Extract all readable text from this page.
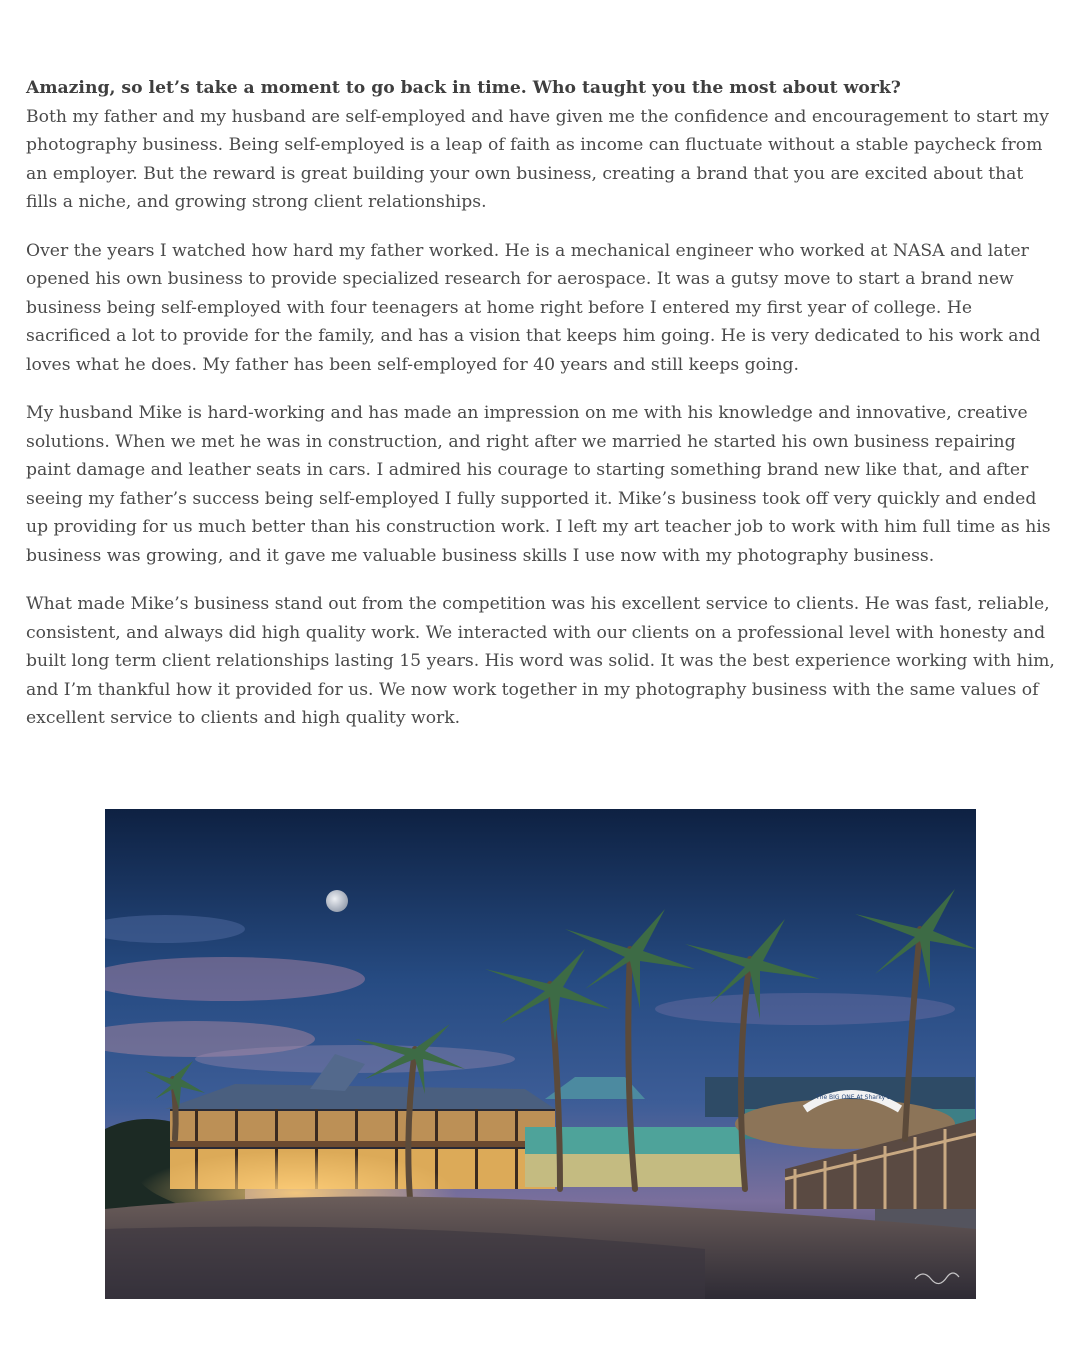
Amazing, so let’s take a moment to go back in time. Who taught you the most about work?

Both my father and my husband are self-employed and have given me the confidence and encouragement to start my photography business. Being self-employed is a leap of faith as income can fluctuate without a stable paycheck from an employer. But the reward is great building your own business, creating a brand that you are excited about that fills a niche, and growing strong client relationships.

Over the years I watched how hard my father worked. He is a mechanical engineer who worked at NASA and later opened his own business to provide specialized research for aerospace. It was a gutsy move to start a brand new business being self-employed with four teenagers at home right before I entered my first year of college. He sacrificed a lot to provide for the family, and has a vision that keeps him going. He is very dedicated to his work and loves what he does. My father has been self-employed for 40 years and still keeps going.

My husband Mike is hard-working and has made an impression on me with his knowledge and innovative, creative solutions. When we met he was in construction, and right after we married he started his own business repairing paint damage and leather seats in cars. I admired his courage to starting something brand new like that, and after seeing my father’s success being self-employed I fully supported it. Mike’s business took off very quickly and ended up providing for us much better than his construction work. I left my art teacher job to work with him full time as his business was growing, and it gave me valuable business skills I use now with my photography business.

What made Mike’s business stand out from the competition was his excellent service to clients. He was fast, reliable, consistent, and always did high quality work. We interacted with our clients on a professional level with honesty and built long term client relationships lasting 15 years. His word was solid. It was the best experience working with him, and I’m thankful how it provided for us. We now work together in my photography business with the same values of excellent service to clients and high quality work.

The BIG ONE At Sharky's
